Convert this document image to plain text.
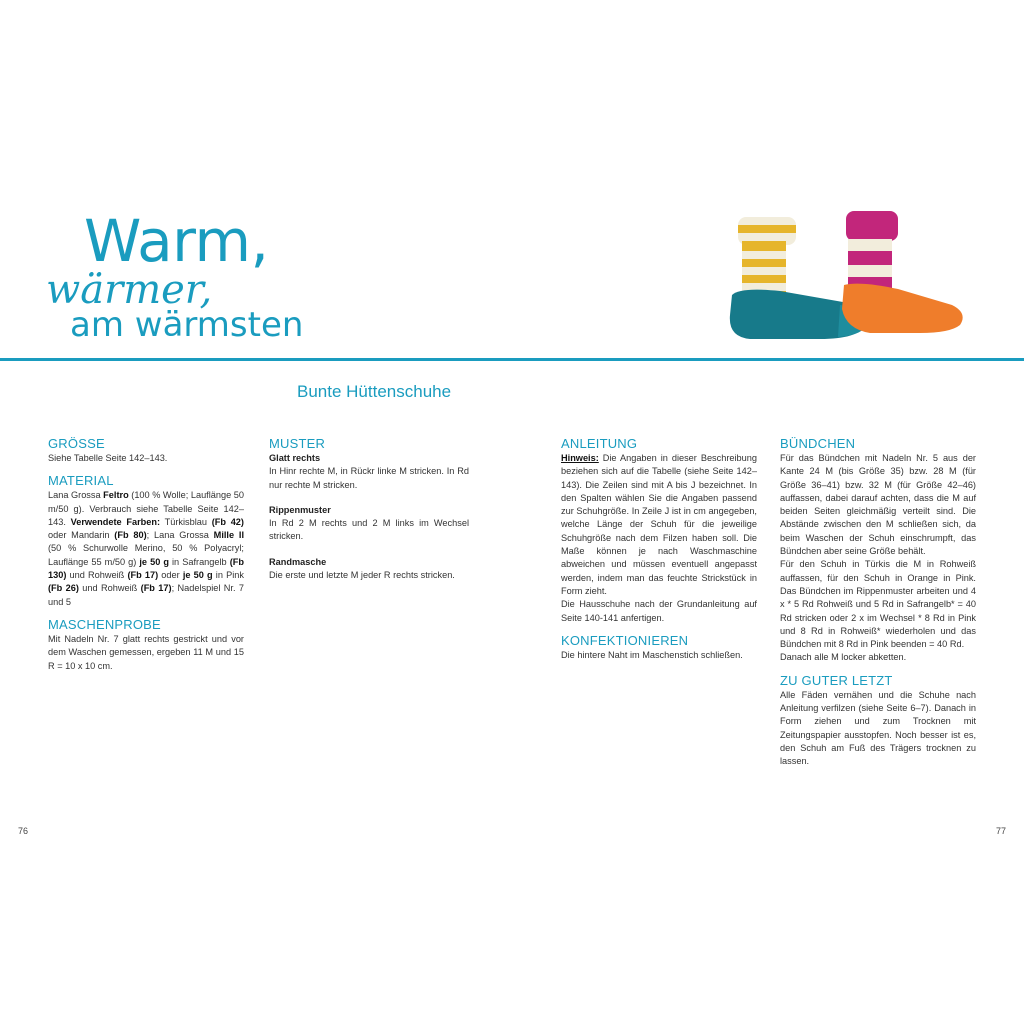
Warm,
wärmer,
am wärmsten
Bunte Hüttenschuhe
GRÖSSE

Siehe Tabelle Seite 142–143.

MATERIAL

Lana Grossa Feltro (100 % Wolle; Lauflänge 50 m/50 g). Verbrauch siehe Tabelle Seite 142–143. Verwendete Farben: Türkisblau (Fb 42) oder Mandarin (Fb 80); Lana Grossa Mille II (50 % Schurwolle Merino, 50 % Polyacryl; Lauflänge 55 m/50 g) je 50 g in Safrangelb (Fb 130) und Rohweiß (Fb 17) oder je 50 g in Pink (Fb 26) und Rohweiß (Fb 17); Nadelspiel Nr. 7 und 5

MASCHENPROBE

Mit Nadeln Nr. 7 glatt rechts gestrickt und vor dem Waschen gemessen, ergeben 11 M und 15 R = 10 x 10 cm.

MUSTER

Glatt rechts

In Hinr rechte M, in Rückr linke M stricken. In Rd nur rechte M stricken.

Rippenmuster

In Rd 2 M rechts und 2 M links im Wechsel stricken.

Randmasche

Die erste und letzte M jeder R rechts stricken.

ANLEITUNG

Hinweis: Die Angaben in dieser Beschreibung beziehen sich auf die Tabelle (siehe Seite 142–143). Die Zeilen sind mit A bis J bezeichnet. In den Spalten wählen Sie die Angaben passend zur Schuhgröße. In Zeile J ist in cm angegeben, welche Länge der Schuh für die jeweilige Schuhgröße nach dem Filzen haben soll. Die Maße können je nach Waschmaschine abweichen und müssen eventuell angepasst werden, indem man das feuchte Strickstück in Form zieht.

Die Hausschuhe nach der Grundanleitung auf Seite 140-141 anfertigen.

KONFEKTIONIEREN

Die hintere Naht im Maschenstich schließen.

BÜNDCHEN

Für das Bündchen mit Nadeln Nr. 5 aus der Kante 24 M (bis Größe 35) bzw. 28 M (für Größe 36–41) bzw. 32 M (für Größe 42–46) auffassen, dabei darauf achten, dass die M auf beiden Seiten gleichmäßig verteilt sind. Die Abstände zwischen den M schließen sich, da beim Waschen der Schuh einschrumpft, das Bündchen aber seine Größe behält.

Für den Schuh in Türkis die M in Rohweiß auffassen, für den Schuh in Orange in Pink. Das Bündchen im Rippenmuster arbeiten und 4 x * 5 Rd Rohweiß und 5 Rd in Safrangelb* = 40 Rd stricken oder 2 x im Wechsel * 8 Rd in Pink und 8 Rd in Rohweiß* wiederholen und das Bündchen mit 8 Rd in Pink beenden = 40 Rd.

Danach alle M locker abketten.

ZU GUTER LETZT

Alle Fäden vernähen und die Schuhe nach Anleitung verfilzen (siehe Seite 6–7). Danach in Form ziehen und zum Trocknen mit Zeitungspapier ausstopfen. Noch besser ist es, den Schuh am Fuß des Trägers trocknen zu lassen.

76	77
